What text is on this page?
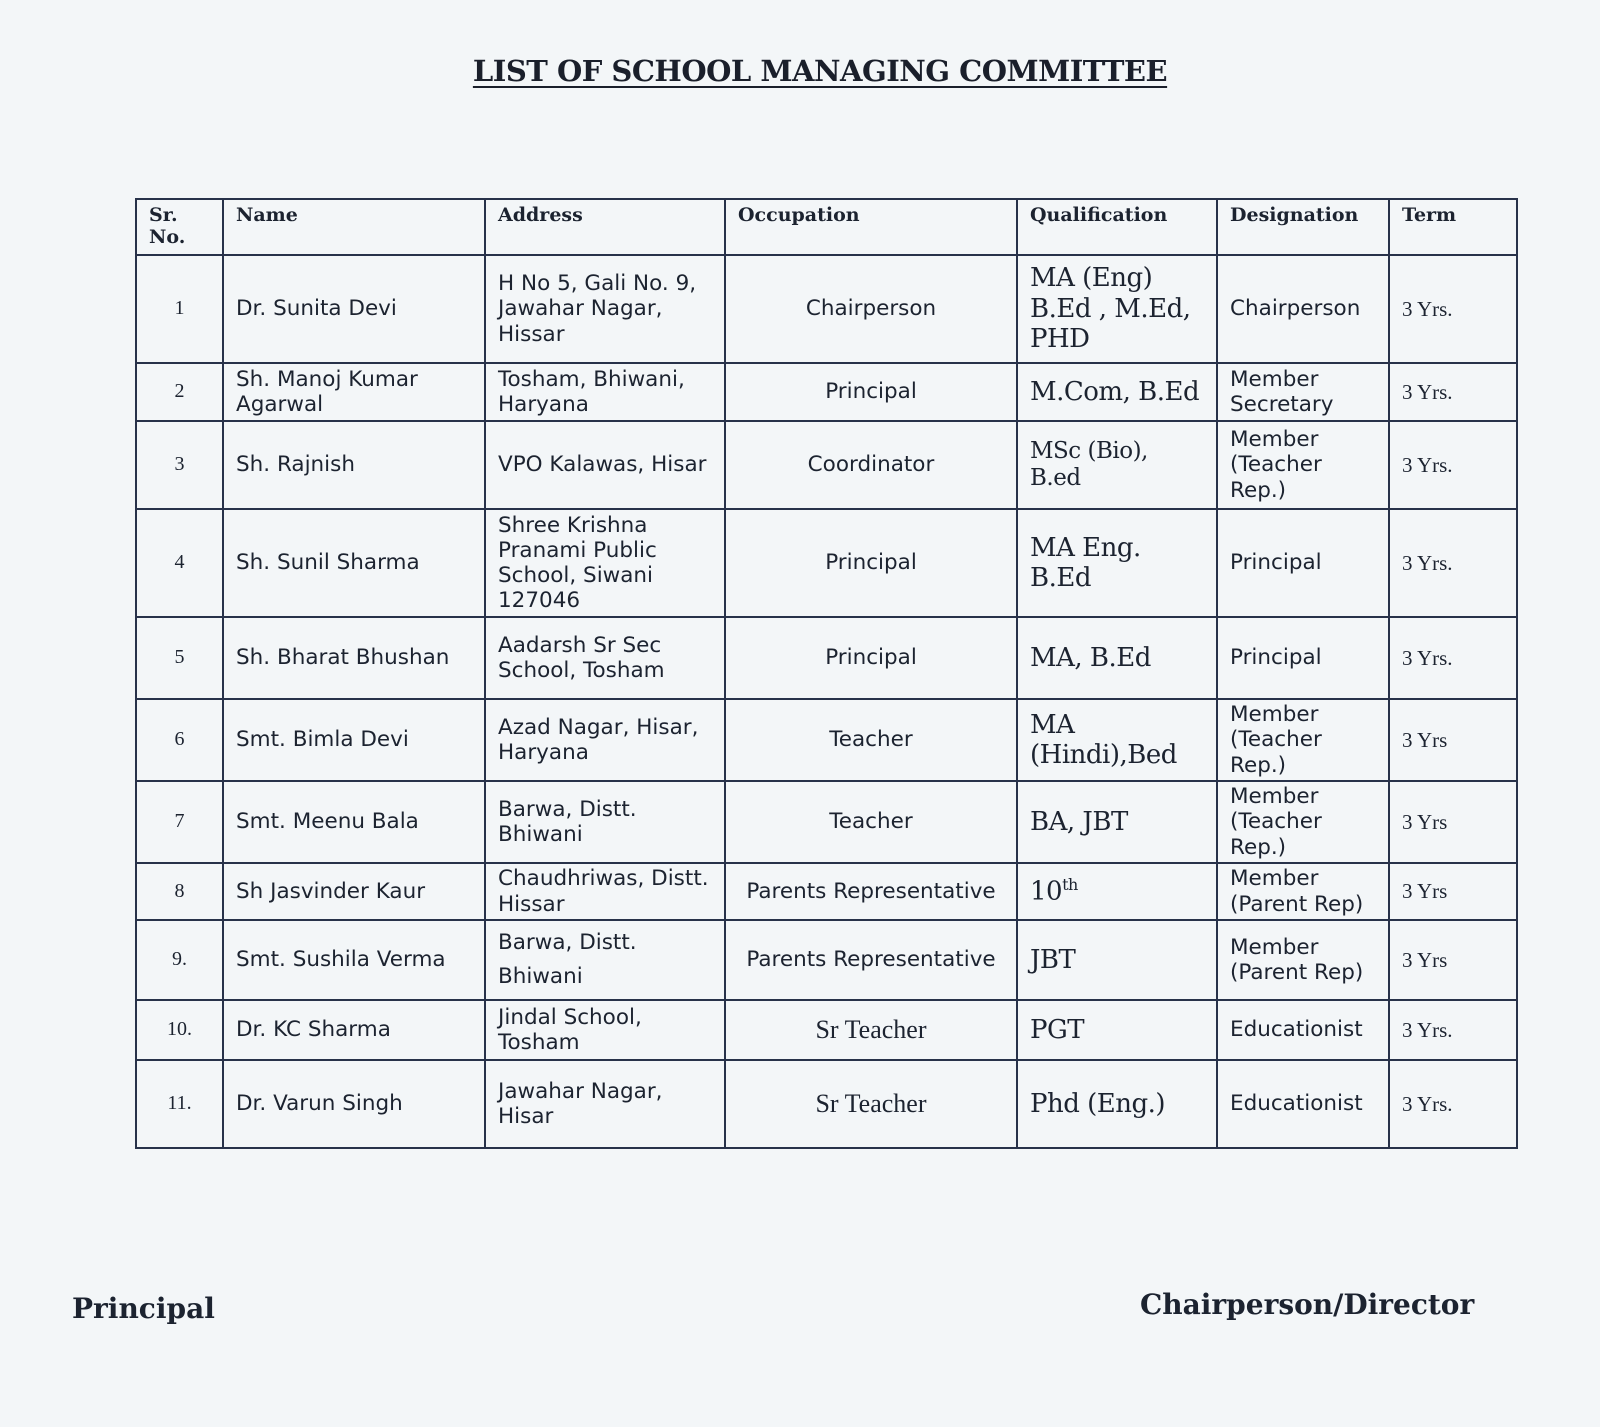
LIST OF SCHOOL MANAGING COMMITTEE
Sr. No.	Name	Address	Occupation	Qualification	Designation	Term
1	Dr. Sunita Devi	H No 5, Gali No. 9, Jawahar Nagar, Hissar	Chairperson	MA (Eng) B.Ed , M.Ed, PHD	Chairperson	3 Yrs.
2	Sh. Manoj Kumar Agarwal	Tosham, Bhiwani, Haryana	Principal	M.Com, B.Ed	Member Secretary	3 Yrs.
3	Sh. Rajnish	VPO Kalawas, Hisar	Coordinator	MSc (Bio), B.ed	Member (Teacher Rep.)	3 Yrs.
4	Sh. Sunil Sharma	Shree Krishna Pranami Public School, Siwani 127046	Principal	MA Eng. B.Ed	Principal	3 Yrs.
5	Sh. Bharat Bhushan	Aadarsh Sr Sec School, Tosham	Principal	MA, B.Ed	Principal	3 Yrs.
6	Smt. Bimla Devi	Azad Nagar, Hisar, Haryana	Teacher	MA (Hindi),Bed	Member (Teacher Rep.)	3 Yrs
7	Smt. Meenu Bala	Barwa, Distt. Bhiwani	Teacher	BA, JBT	Member (Teacher Rep.)	3 Yrs
8	Sh Jasvinder Kaur	Chaudhriwas, Distt. Hissar	Parents Representative	10th	Member (Parent Rep)	3 Yrs
9.	Smt. Sushila Verma	Barwa, Distt. Bhiwani	Parents Representative	JBT	Member (Parent Rep)	3 Yrs
10.	Dr. KC Sharma	Jindal School, Tosham	Sr Teacher	PGT	Educationist	3 Yrs.
11.	Dr. Varun Singh	Jawahar Nagar, Hisar	Sr Teacher	Phd (Eng.)	Educationist	3 Yrs.
Principal	Chairperson/Director
